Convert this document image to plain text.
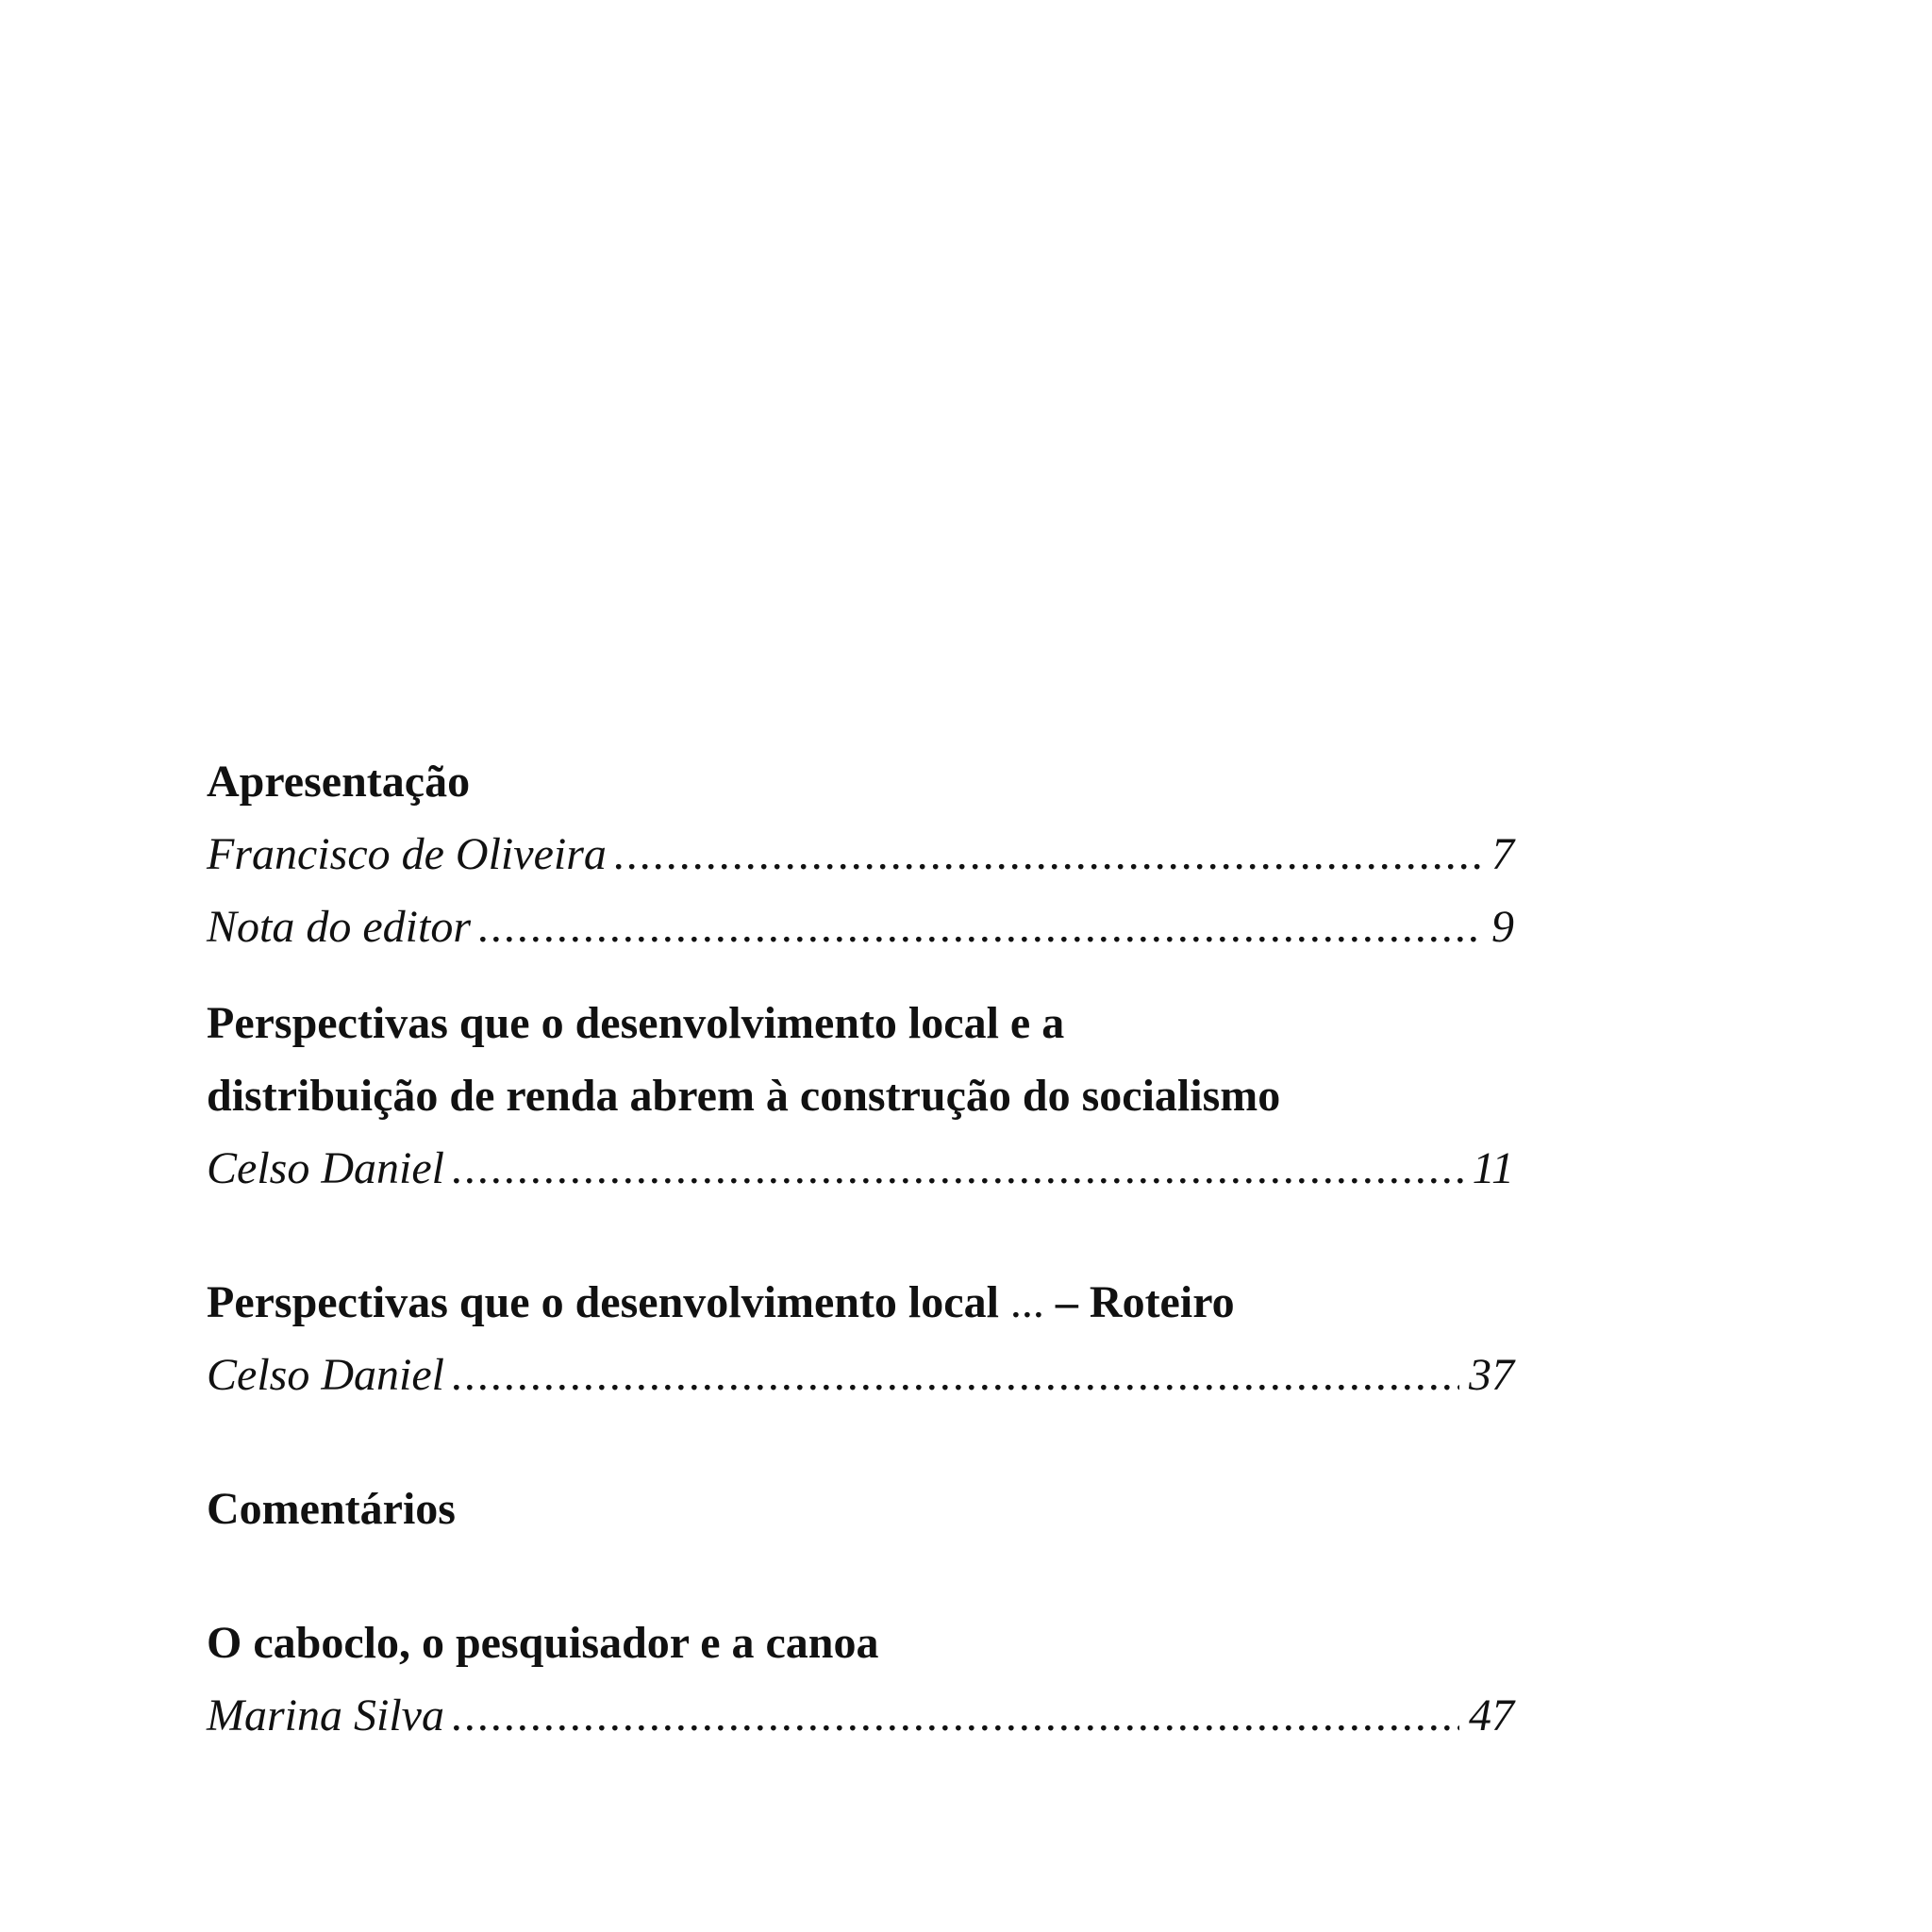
Apresentação
Francisco de Oliveira .....	7
Nota do editor .....	9
Perspectivas que o desenvolvimento local e a
distribuição de renda abrem à construção do socialismo
Celso Daniel .....	11
Perspectivas que o desenvolvimento local ... – Roteiro
Celso Daniel .....	37
Comentários
O caboclo, o pesquisador e a canoa
Marina Silva .....	47
